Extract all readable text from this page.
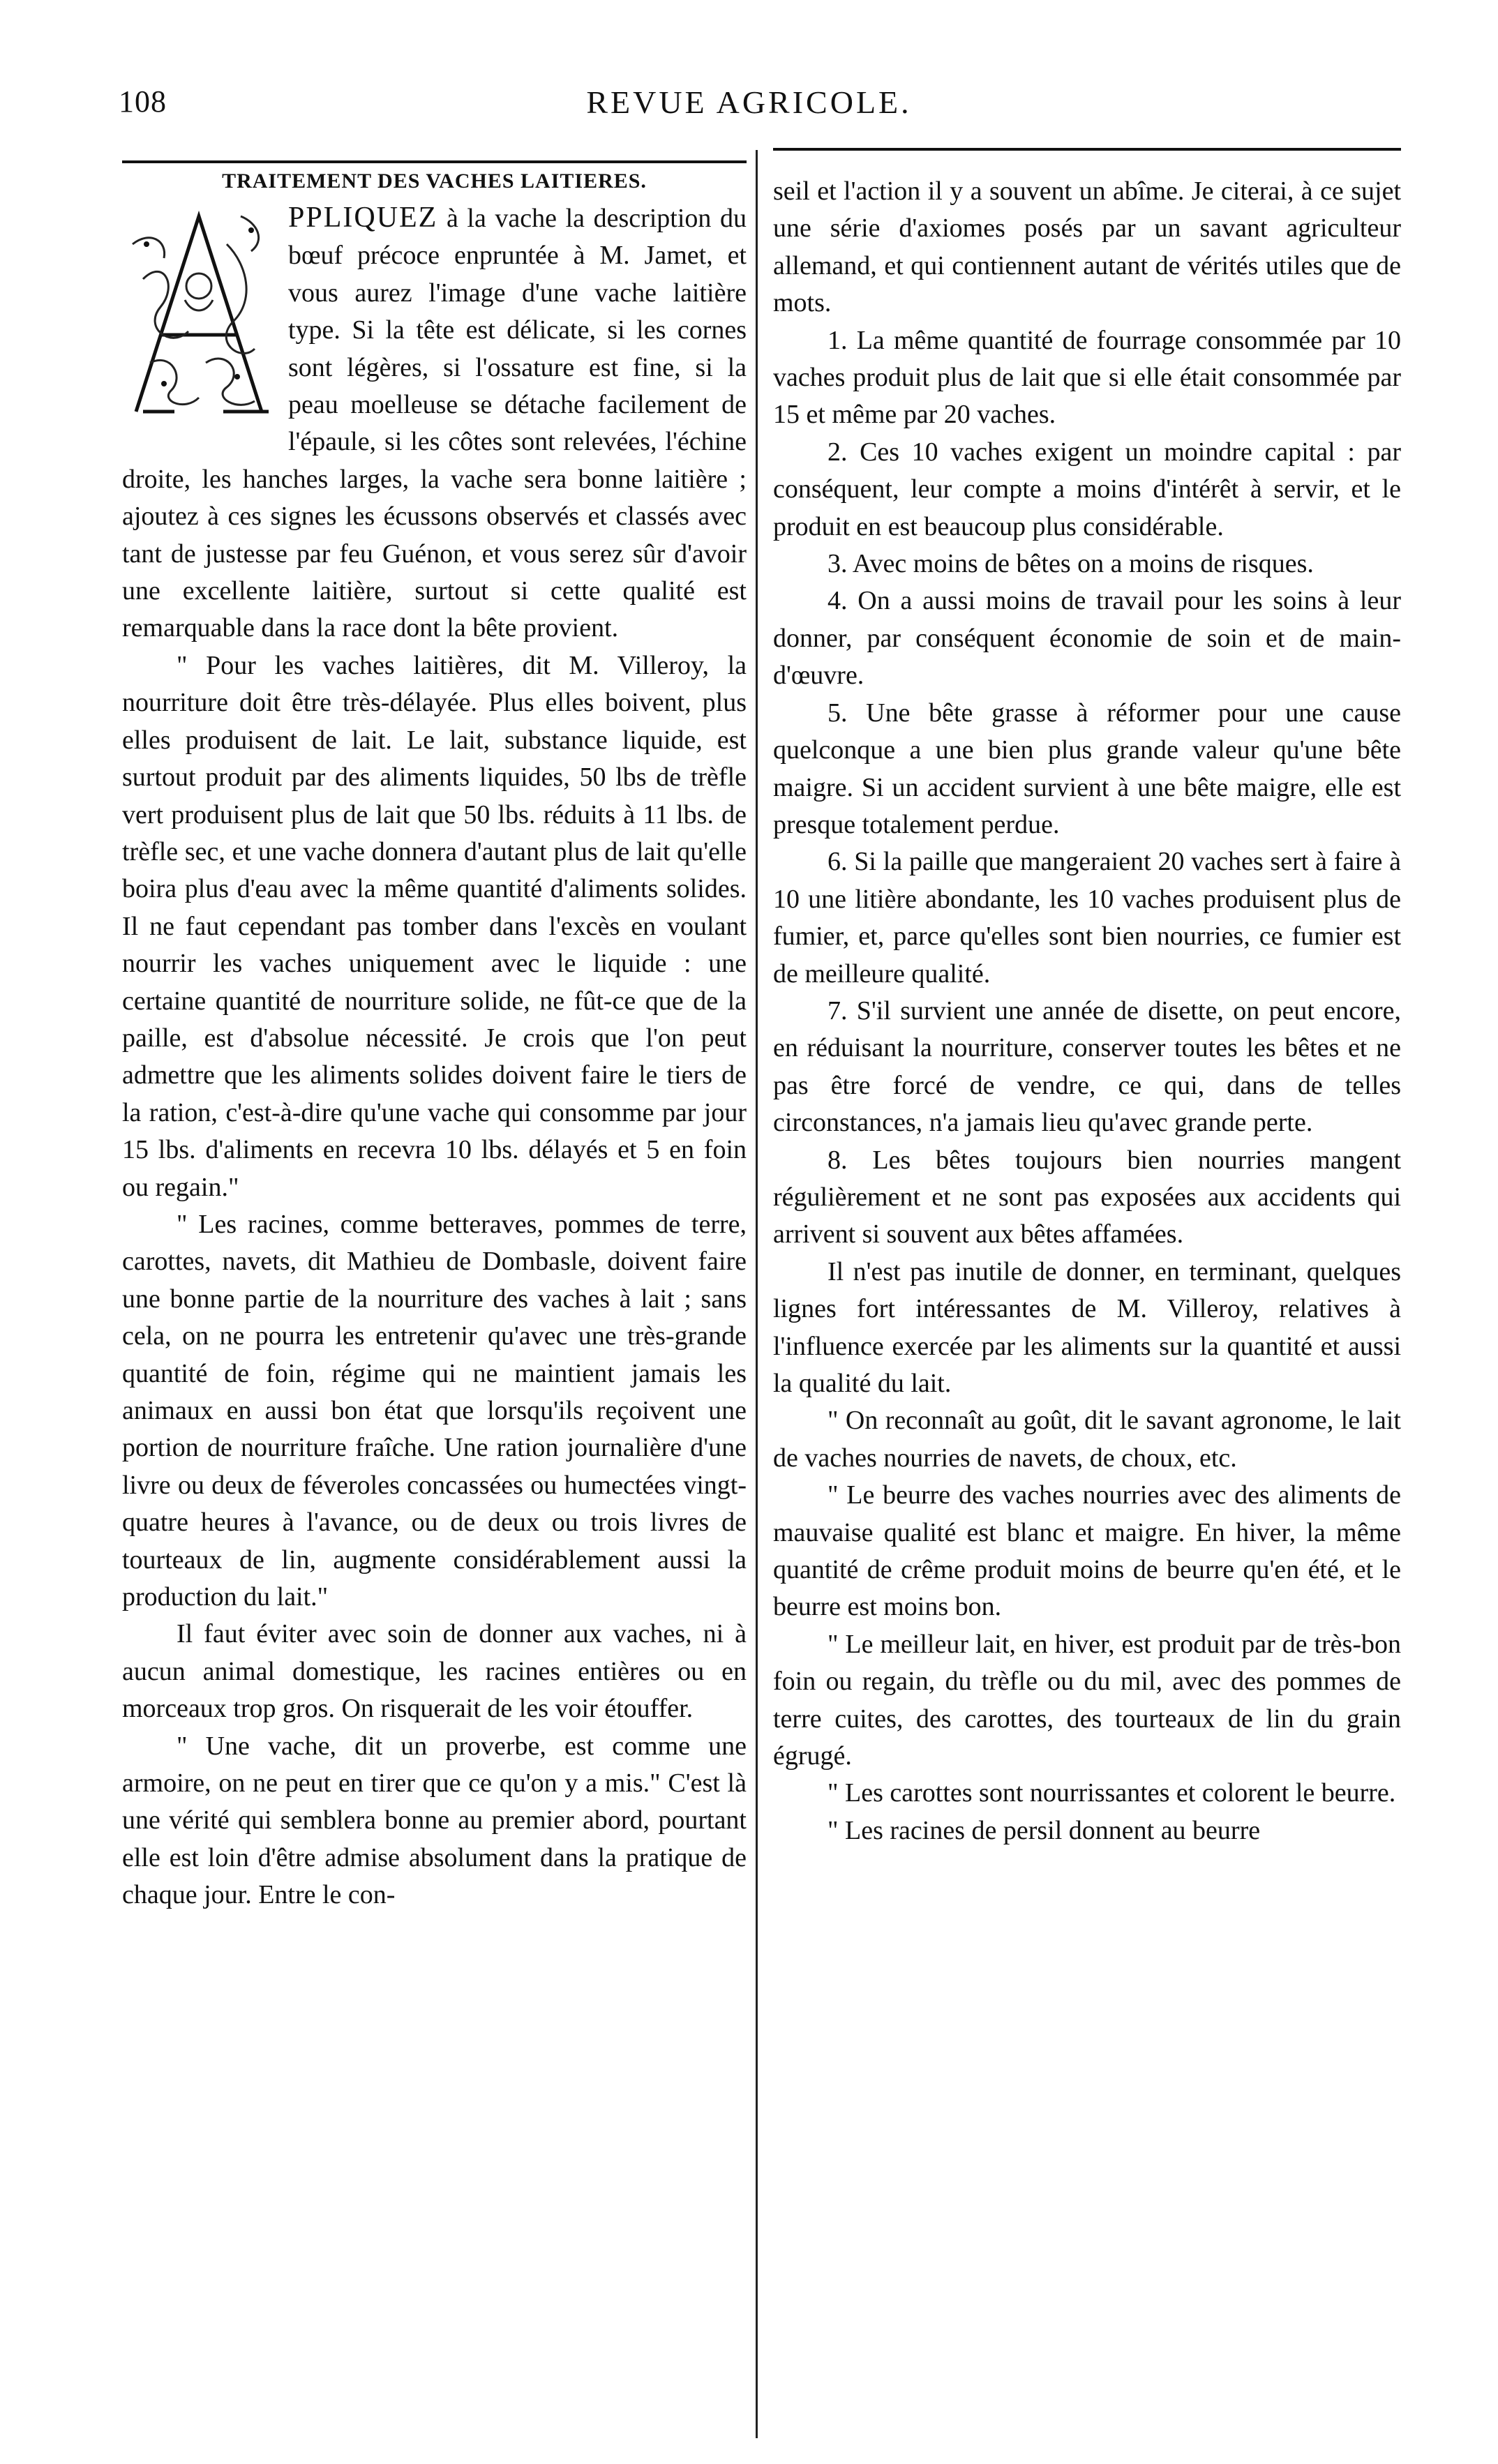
108	REVUE AGRICOLE.
TRAITEMENT DES VACHES LAITIERES.

PPLIQUEZ à la vache la description du bœuf précoce enpruntée à M. Jamet, et vous aurez l'image d'une vache laitière type. Si la tête est délicate, si les cornes sont légères, si l'ossature est fine, si la peau moelleuse se détache facilement de l'épaule, si les côtes sont relevées, l'échine droite, les hanches larges, la vache sera bonne laitière ; ajoutez à ces signes les écussons observés et classés avec tant de justesse par feu Guénon, et vous serez sûr d'avoir une excellente laitière, surtout si cette qualité est remarquable dans la race dont la bête provient.

" Pour les vaches laitières, dit M. Villeroy, la nourriture doit être très-délayée. Plus elles boivent, plus elles produisent de lait. Le lait, substance liquide, est surtout produit par des aliments liquides, 50 lbs de trèfle vert produisent plus de lait que 50 lbs. réduits à 11 lbs. de trèfle sec, et une vache donnera d'autant plus de lait qu'elle boira plus d'eau avec la même quantité d'aliments solides. Il ne faut cependant pas tomber dans l'excès en voulant nourrir les vaches uniquement avec le liquide : une certaine quantité de nourriture solide, ne fût-ce que de la paille, est d'absolue nécessité. Je crois que l'on peut admettre que les aliments solides doivent faire le tiers de la ration, c'est-à-dire qu'une vache qui consomme par jour 15 lbs. d'aliments en recevra 10 lbs. délayés et 5 en foin ou regain."

" Les racines, comme betteraves, pommes de terre, carottes, navets, dit Mathieu de Dombasle, doivent faire une bonne partie de la nourriture des vaches à lait ; sans cela, on ne pourra les entretenir qu'avec une très-grande quantité de foin, régime qui ne maintient jamais les animaux en aussi bon état que lorsqu'ils reçoivent une portion de nourriture fraîche. Une ration journalière d'une livre ou deux de féveroles concassées ou humectées vingt-quatre heures à l'avance, ou de deux ou trois livres de tourteaux de lin, augmente considérablement aussi la production du lait."

Il faut éviter avec soin de donner aux vaches, ni à aucun animal domestique, les racines entières ou en morceaux trop gros. On risquerait de les voir étouffer.

" Une vache, dit un proverbe, est comme une armoire, on ne peut en tirer que ce qu'on y a mis." C'est là une vérité qui semblera bonne au premier abord, pourtant elle est loin d'être admise absolument dans la pratique de chaque jour. Entre le con-

seil et l'action il y a souvent un abîme. Je citerai, à ce sujet une série d'axiomes posés par un savant agriculteur allemand, et qui contiennent autant de vérités utiles que de mots.

1. La même quantité de fourrage consommée par 10 vaches produit plus de lait que si elle était consommée par 15 et même par 20 vaches.

2. Ces 10 vaches exigent un moindre capital : par conséquent, leur compte a moins d'intérêt à servir, et le produit en est beaucoup plus considérable.

3. Avec moins de bêtes on a moins de risques.

4. On a aussi moins de travail pour les soins à leur donner, par conséquent économie de soin et de main-d'œuvre.

5. Une bête grasse à réformer pour une cause quelconque a une bien plus grande valeur qu'une bête maigre. Si un accident survient à une bête maigre, elle est presque totalement perdue.

6. Si la paille que mangeraient 20 vaches sert à faire à 10 une litière abondante, les 10 vaches produisent plus de fumier, et, parce qu'elles sont bien nourries, ce fumier est de meilleure qualité.

7. S'il survient une année de disette, on peut encore, en réduisant la nourriture, conserver toutes les bêtes et ne pas être forcé de vendre, ce qui, dans de telles circonstances, n'a jamais lieu qu'avec grande perte.

8. Les bêtes toujours bien nourries mangent régulièrement et ne sont pas exposées aux accidents qui arrivent si souvent aux bêtes affamées.

Il n'est pas inutile de donner, en terminant, quelques lignes fort intéressantes de M. Villeroy, relatives à l'influence exercée par les aliments sur la quantité et aussi la qualité du lait.

" On reconnaît au goût, dit le savant agronome, le lait de vaches nourries de navets, de choux, etc.

" Le beurre des vaches nourries avec des aliments de mauvaise qualité est blanc et maigre. En hiver, la même quantité de crême produit moins de beurre qu'en été, et le beurre est moins bon.

" Le meilleur lait, en hiver, est produit par de très-bon foin ou regain, du trèfle ou du mil, avec des pommes de terre cuites, des carottes, des tourteaux de lin du grain égrugé.

" Les carottes sont nourrissantes et colorent le beurre.

" Les racines de persil donnent au beurre
